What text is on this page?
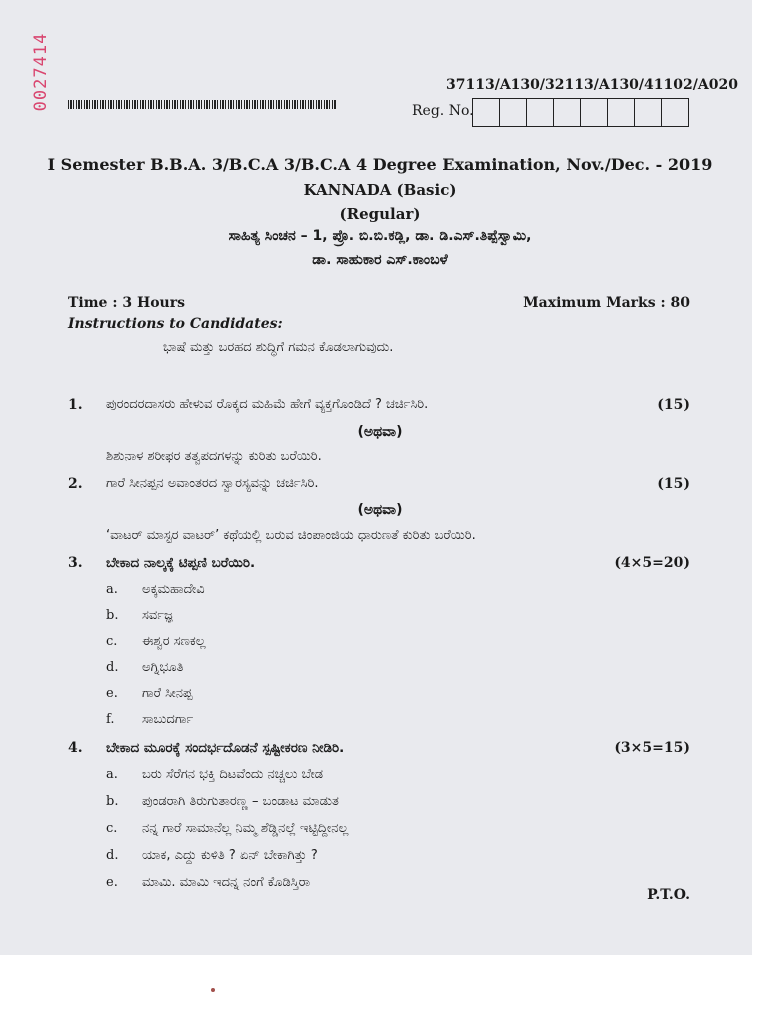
0027414	37113/A130/32113/A130/41102/A020
Reg. No.
I Semester B.B.A. 3/B.C.A 3/B.C.A 4 Degree Examination, Nov./Dec. - 2019
KANNADA (Basic)
(Regular)
ಸಾಹಿತ್ಯ ಸಿಂಚನ – 1, ಪ್ರೊ. ಬಿ.ಬಿ.ಕಡ್ಲಿ, ಡಾ. ಡಿ.ಎಸ್.ತಿಪ್ಪೆಸ್ವಾಮಿ,
ಡಾ. ಸಾಹುಕಾರ ಎಸ್.ಕಾಂಬಳೆ
Time : 3 Hours	Maximum Marks : 80
Instructions to Candidates:
ಭಾಷೆ ಮತ್ತು ಬರಹದ ಶುದ್ಧಿಗೆ ಗಮನ ಕೊಡಲಾಗುವುದು.
1. ಪುರಂದರದಾಸರು ಹೇಳುವ ರೊಕ್ಕದ ಮಹಿಮೆ ಹೇಗೆ ವ್ಯಕ್ತಗೊಂಡಿದೆ ? ಚರ್ಚಿಸಿರಿ.	(15)
(ಅಥವಾ)
ಶಿಶುನಾಳ ಶರೀಫರ ತತ್ವಪದಗಳನ್ನು ಕುರಿತು ಬರೆಯಿರಿ.
2. ಗಾರೆ ಸೀನಪ್ಪನ ಅವಾಂತರದ ಸ್ವಾರಸ್ಯವನ್ನು ಚರ್ಚಿಸಿರಿ.	(15)
(ಅಥವಾ)
‘ವಾಟರ್ ಮಾಸ್ಟರ ವಾಟರ್’ ಕಥೆಯಲ್ಲಿ ಬರುವ ಚಿಂಪಾಂಜಿಯ ಧಾರುಣತೆ ಕುರಿತು ಬರೆಯಿರಿ.
3. ಬೇಕಾದ ನಾಲ್ಕಕ್ಕೆ ಟಿಪ್ಪಣಿ ಬರೆಯಿರಿ.	(4×5=20)
a. ಅಕ್ಕಮಹಾದೇವಿ
b. ಸರ್ವಜ್ಞ
c. ಈಶ್ವರ ಸಣಕಲ್ಲ
d. ಅಗ್ನಿಭೂತಿ
e. ಗಾರೆ ಸೀನಪ್ಪ
f. ಸಾಬುದರ್ಗಾ
4. ಬೇಕಾದ ಮೂರಕ್ಕೆ ಸಂದರ್ಭದೊಡನೆ ಸ್ಪಷ್ಟೀಕರಣ ನೀಡಿರಿ.	(3×5=15)
a. ಬರು ಸೆರೆಗನ ಭಕ್ತಿ ದಿಟವೆಂದು ನಚ್ಚಲು ಬೇಡ
b. ಪುಂಡರಾಗಿ ತಿರುಗುತಾರಣ್ಣ – ಬಂಡಾಟ ಮಾಡುತ
c. ನನ್ನ ಗಾರೆ ಸಾಮಾನೆಲ್ಲ ನಿಮ್ಮ ಶೆಡ್ಡಿನಲ್ಲೆ ಇಟ್ಟಿದ್ದೀನಲ್ಲ
d. ಯಾಕ, ಎದ್ದು ಕುಳಿತಿ ? ಏನ್ ಬೇಕಾಗಿತ್ತು ?
e. ಮಾಮಿ. ಮಾಮಿ ಇದನ್ನ ನಂಗೆ ಕೊಡಿಸ್ತಿರಾ
P.T.O.
